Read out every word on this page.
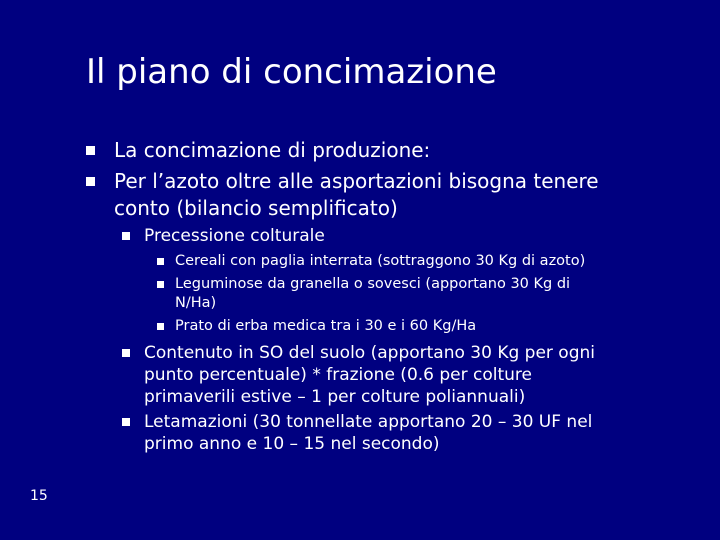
Il piano di concimazione
La concimazione di produzione:
Per l’azoto oltre alle asportazioni bisogna tenere
conto (bilancio semplificato)
Precessione colturale
Cereali con paglia interrata (sottraggono 30 Kg di azoto)
Leguminose da granella o sovesci (apportano 30 Kg di
N/Ha)
Prato di erba medica tra i 30 e i 60 Kg/Ha
Contenuto in SO del suolo (apportano 30 Kg per ogni
punto percentuale) * frazione (0.6 per colture
primaverili estive – 1 per colture poliannuali)
Letamazioni (30 tonnellate apportano 20 – 30 UF nel
primo anno e 10 – 15 nel secondo)
15
